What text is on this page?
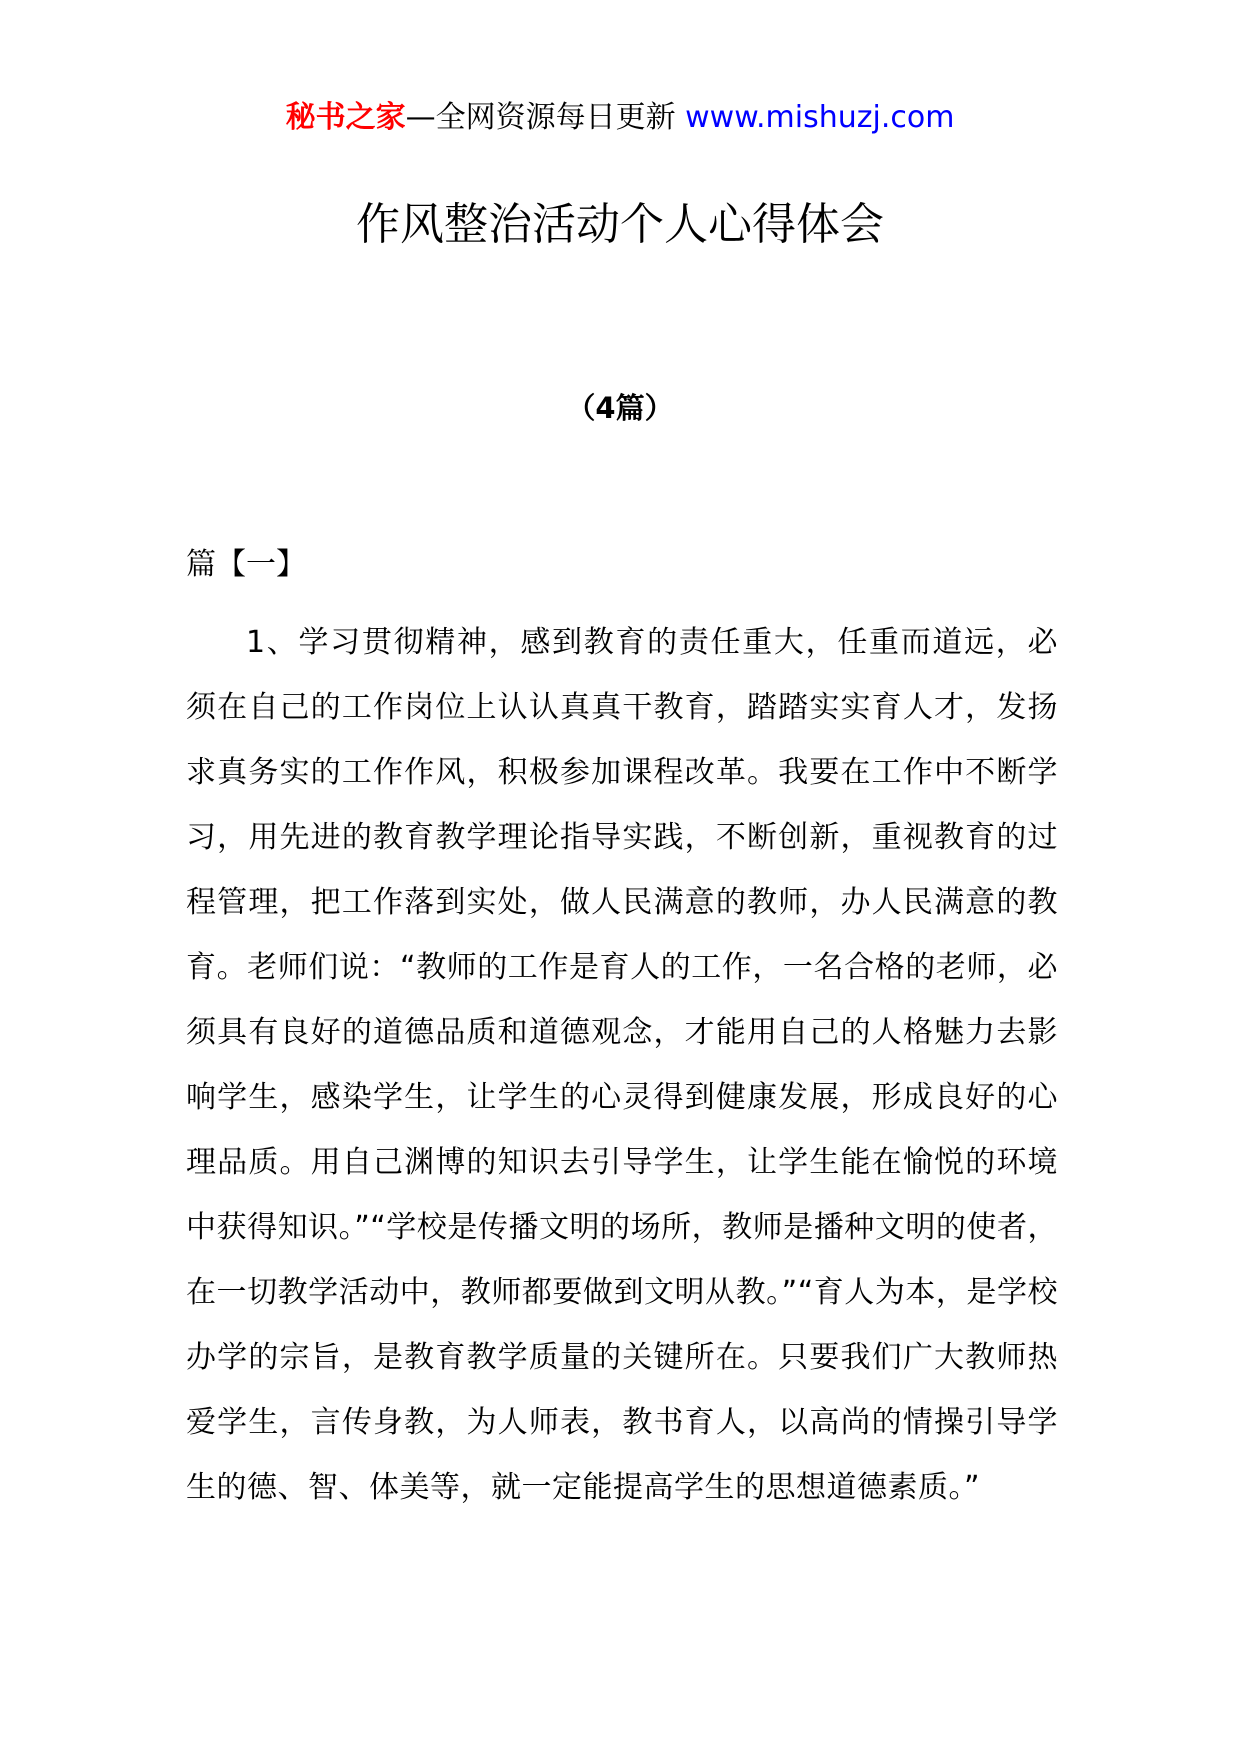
秘书之家—全网资源每日更新 www.mishuzj.com
作风整治活动个人心得体会
（4篇）
篇【一】

1、学习贯彻精神，感到教育的责任重大，任重而道远，必须在自己的工作岗位上认认真真干教育，踏踏实实育人才，发扬求真务实的工作作风，积极参加课程改革。我要在工作中不断学习，用先进的教育教学理论指导实践，不断创新，重视教育的过程管理，把工作落到实处，做人民满意的教师，办人民满意的教育。老师们说：“教师的工作是育人的工作，一名合格的老师，必须具有良好的道德品质和道德观念，才能用自己的人格魅力去影响学生，感染学生，让学生的心灵得到健康发展，形成良好的心理品质。用自己渊博的知识去引导学生，让学生能在愉悦的环境中获得知识。”“学校是传播文明的场所，教师是播种文明的使者，在一切教学活动中，教师都要做到文明从教。”“育人为本，是学校办学的宗旨，是教育教学质量的关键所在。只要我们广大教师热爱学生，言传身教，为人师表，教书育人，以高尚的情操引导学生的德、智、体美等，就一定能提高学生的思想道德素质。”
